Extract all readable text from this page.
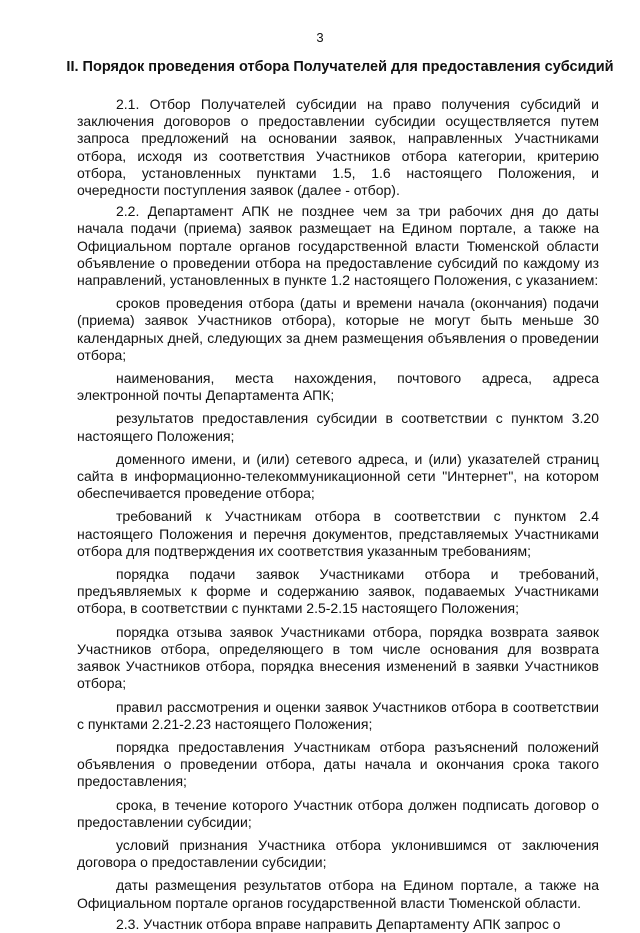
3
II. Порядок проведения отбора Получателей для предоставления субсидий

2.1. Отбор Получателей субсидии на право получения субсидий и заключения договоров о предоставлении субсидии осуществляется путем запроса предложений на основании заявок, направленных Участниками отбора, исходя из соответствия Участников отбора категории, критерию отбора, установленных пунктами 1.5, 1.6 настоящего Положения, и очередности поступления заявок (далее - отбор).

2.2. Департамент АПК не позднее чем за три рабочих дня до даты начала подачи (приема) заявок размещает на Едином портале, а также на Официальном портале органов государственной власти Тюменской области объявление о проведении отбора на предоставление субсидий по каждому из направлений, установленных в пункте 1.2 настоящего Положения, с указанием:

сроков проведения отбора (даты и времени начала (окончания) подачи (приема) заявок Участников отбора), которые не могут быть меньше 30 календарных дней, следующих за днем размещения объявления о проведении отбора;

наименования, места нахождения, почтового адреса, адреса электронной почты Департамента АПК;

результатов предоставления субсидии в соответствии с пунктом 3.20 настоящего Положения;

доменного имени, и (или) сетевого адреса, и (или) указателей страниц сайта в информационно-телекоммуникационной сети "Интернет", на котором обеспечивается проведение отбора;

требований к Участникам отбора в соответствии с пунктом 2.4 настоящего Положения и перечня документов, представляемых Участниками отбора для подтверждения их соответствия указанным требованиям;

порядка подачи заявок Участниками отбора и требований, предъявляемых к форме и содержанию заявок, подаваемых Участниками отбора, в соответствии с пунктами 2.5-2.15 настоящего Положения;

порядка отзыва заявок Участниками отбора, порядка возврата заявок Участников отбора, определяющего в том числе основания для возврата заявок Участников отбора, порядка внесения изменений в заявки Участников отбора;

правил рассмотрения и оценки заявок Участников отбора в соответствии с пунктами 2.21-2.23 настоящего Положения;

порядка предоставления Участникам отбора разъяснений положений объявления о проведении отбора, даты начала и окончания срока такого предоставления;

срока, в течение которого Участник отбора должен подписать договор о предоставлении субсидии;

условий признания Участника отбора уклонившимся от заключения договора о предоставлении субсидии;

даты размещения результатов отбора на Едином портале, а также на Официальном портале органов государственной власти Тюменской области.

2.3. Участник отбора вправе направить Департаменту АПК запрос о
